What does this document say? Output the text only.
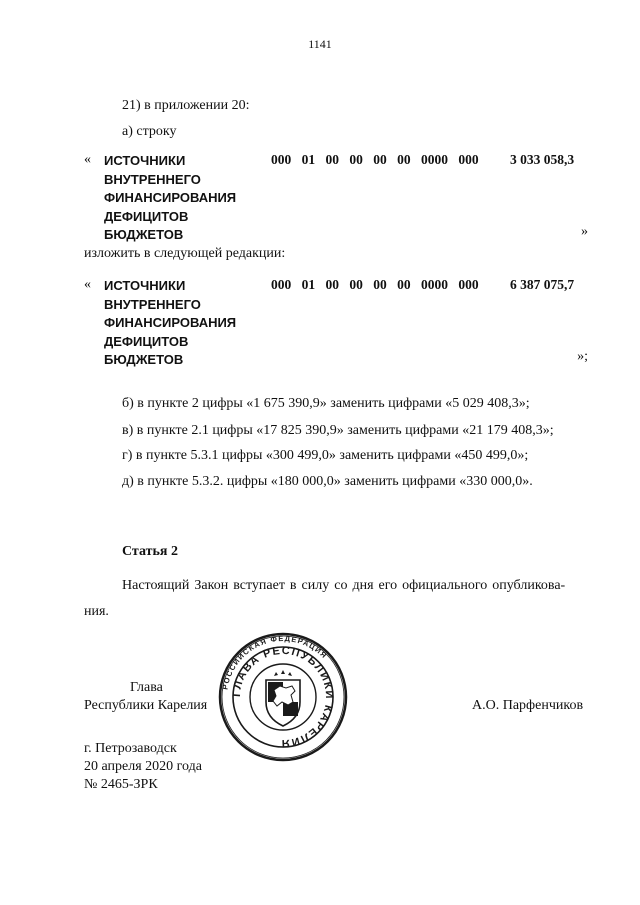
1141
21) в приложении 20:
а) строку
« ИСТОЧНИКИ
ВНУТРЕННЕГО
ФИНАНСИРОВАНИЯ
ДЕФИЦИТОВ
БЮДЖЕТОВ
000 01 00 00 00 00 0000 000 3 033 058,3
»
изложить в следующей редакции:
« ИСТОЧНИКИ
ВНУТРЕННЕГО
ФИНАНСИРОВАНИЯ
ДЕФИЦИТОВ
БЮДЖЕТОВ
000 01 00 00 00 00 0000 000 6 387 075,7
»;
б) в пункте 2 цифры «1 675 390,9» заменить цифрами «5 029 408,3»;
в) в пункте 2.1 цифры «17 825 390,9» заменить цифрами «21 179 408,3»;
г) в пункте 5.3.1 цифры «300 499,0» заменить цифрами «450 499,0»;
д) в пункте 5.3.2. цифры «180 000,0» заменить цифрами «330 000,0».
Статья 2
Настоящий Закон вступает в силу со дня его официального опубликова-
ния.
РОССИЙСКАЯ ФЕДЕРАЦИЯ
ГЛАВА РЕСПУБЛИКИ КАРЕЛИЯ
Глава
Республики Карелия	А.О. Парфенчиков
г. Петрозаводск
20 апреля 2020 года
№ 2465-ЗРК
